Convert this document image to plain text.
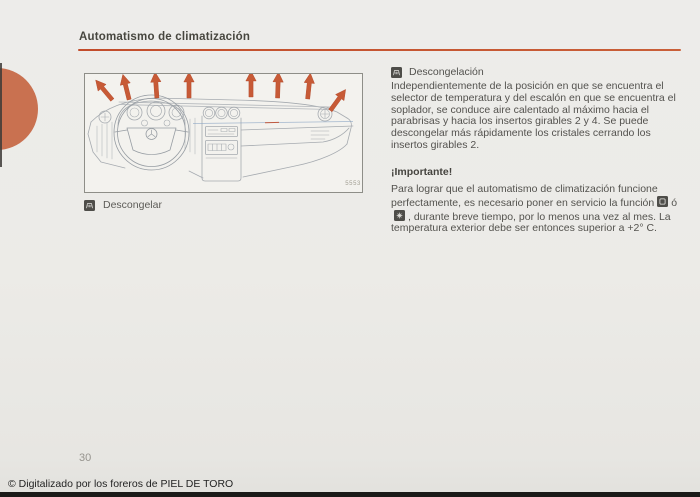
Automatismo de climatización
5553
Descongelar
Descongelación

Independientemente de la posición en que se encuentra el selector de temperatura y del escalón en que se encuentra el soplador, se conduce aire calentado al máximo hacia el parabrisas y hacia los insertos girables 2 y 4. Se puede descongelar más rápidamente los cristales cerrando los insertos girables 2.

¡Importante!

Para lograr que el automatismo de climatización funcione perfectamente, es necesario poner en servicio la función ó, durante breve tiempo, por lo menos una vez al mes. La temperatura exterior debe ser entonces superior a +2° C.

30
© Digitalizado por los foreros de PIEL DE TORO
